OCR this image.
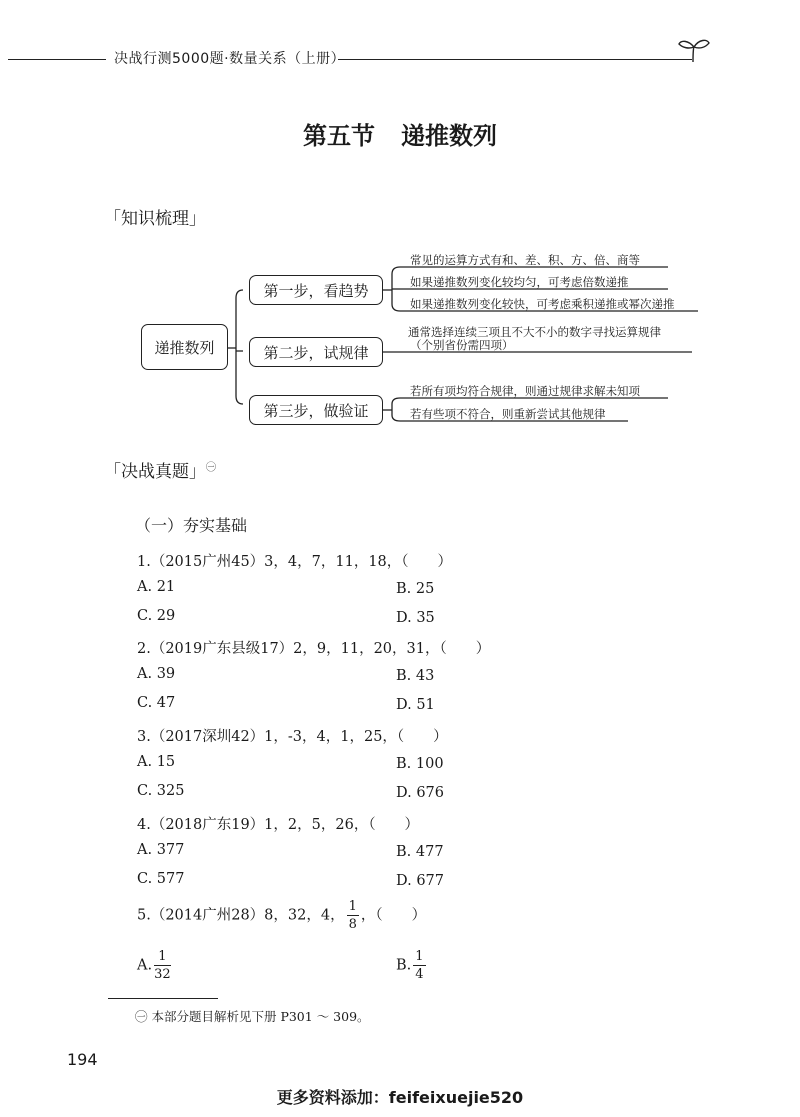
决战行测5000题·数量关系（上册）
第五节 递推数列
「知识梳理」
递推数列
第一步，看趋势
第二步，试规律
第三步，做验证
常见的运算方式有和、差、积、方、倍、商等
如果递推数列变化较均匀，可考虑倍数递推
如果递推数列变化较快，可考虑乘积递推或幂次递推
通常选择连续三项且不大不小的数字寻找运算规律
（个别省份需四项）
若所有项均符合规律，则通过规律求解未知项
若有些项不符合，则重新尝试其他规律
「决战真题」$^㊀$
（一）夯实基础
1.（2015广州45）3，4，7，11，18，（　　）
A. 21	B. 25
C. 29	D. 35
2.（2019广东县级17）2，9，11，20，31，（　　）
A. 39	B. 43
C. 47	D. 51
3.（2017深圳42）1，-3，4，1，25，（　　）
A. 15	B. 100
C. 325	D. 676
4.（2018广东19）1，2，5，26，（　　）
A. 377	B. 477
C. 577	D. 677
5.（2014广州28）8，32，4， $\frac{1}{8}$ ，（　　）
A. $\frac{1}{32}$	B. $\frac{1}{4}$
㊀ 本部分题目解析见下册 P301 ～ 309。
194
更多资料添加：feifeixuejie520
